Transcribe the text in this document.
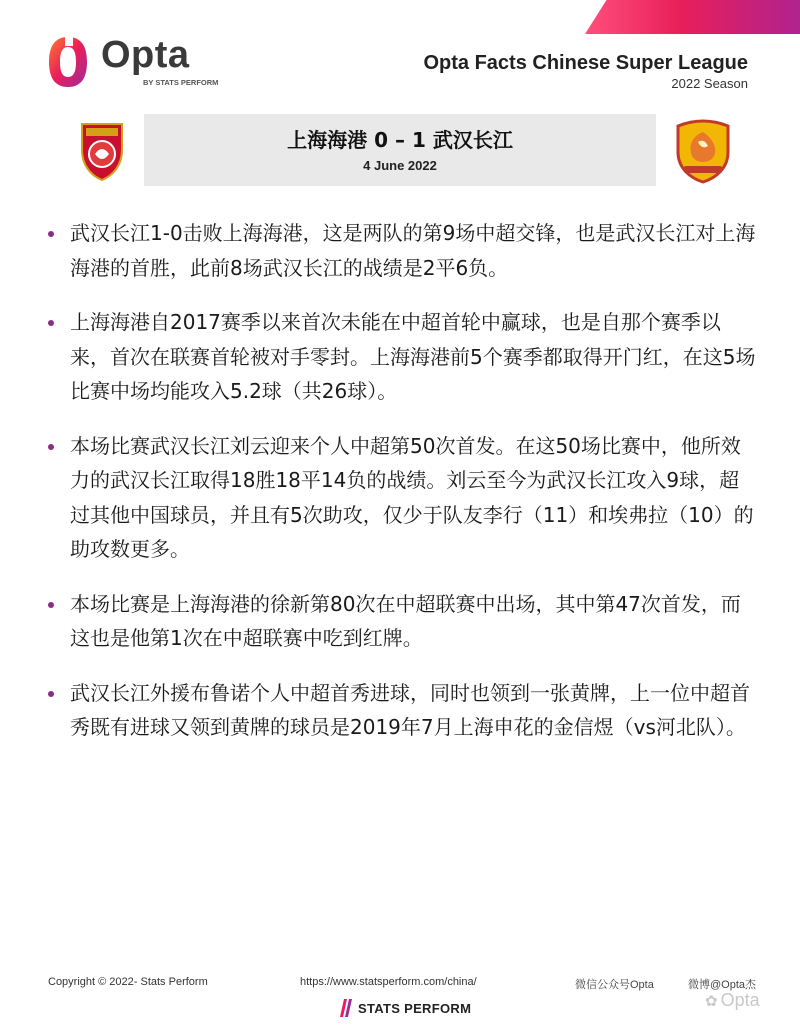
Opta
BY STATS PERFORM
Opta Facts Chinese Super League
2022 Season
上海海港 0 – 1 武汉长江
4 June 2022
武汉长江1-0击败上海海港，这是两队的第9场中超交锋，也是武汉长江对上海海港的首胜，此前8场武汉长江的战绩是2平6负。
上海海港自2017赛季以来首次未能在中超首轮中赢球，也是自那个赛季以来，首次在联赛首轮被对手零封。上海海港前5个赛季都取得开门红，在这5场比赛中场均能攻入5.2球（共26球）。
本场比赛武汉长江刘云迎来个人中超第50次首发。在这50场比赛中，他所效力的武汉长江取得18胜18平14负的战绩。刘云至今为武汉长江攻入9球，超过其他中国球员，并且有5次助攻，仅少于队友李行（11）和埃弗拉（10）的助攻数更多。
本场比赛是上海海港的徐新第80次在中超联赛中出场，其中第47次首发，而这也是他第1次在中超联赛中吃到红牌。
武汉长江外援布鲁诺个人中超首秀进球，同时也领到一张黄牌，上一位中超首秀既有进球又领到黄牌的球员是2019年7月上海申花的金信煜（vs河北队）。
Copyright © 2022- Stats Perform	https://www.statsperform.com/china/	微信公众号Opta	微博@Opta杰
STATS PERFORM	✿ Opta
